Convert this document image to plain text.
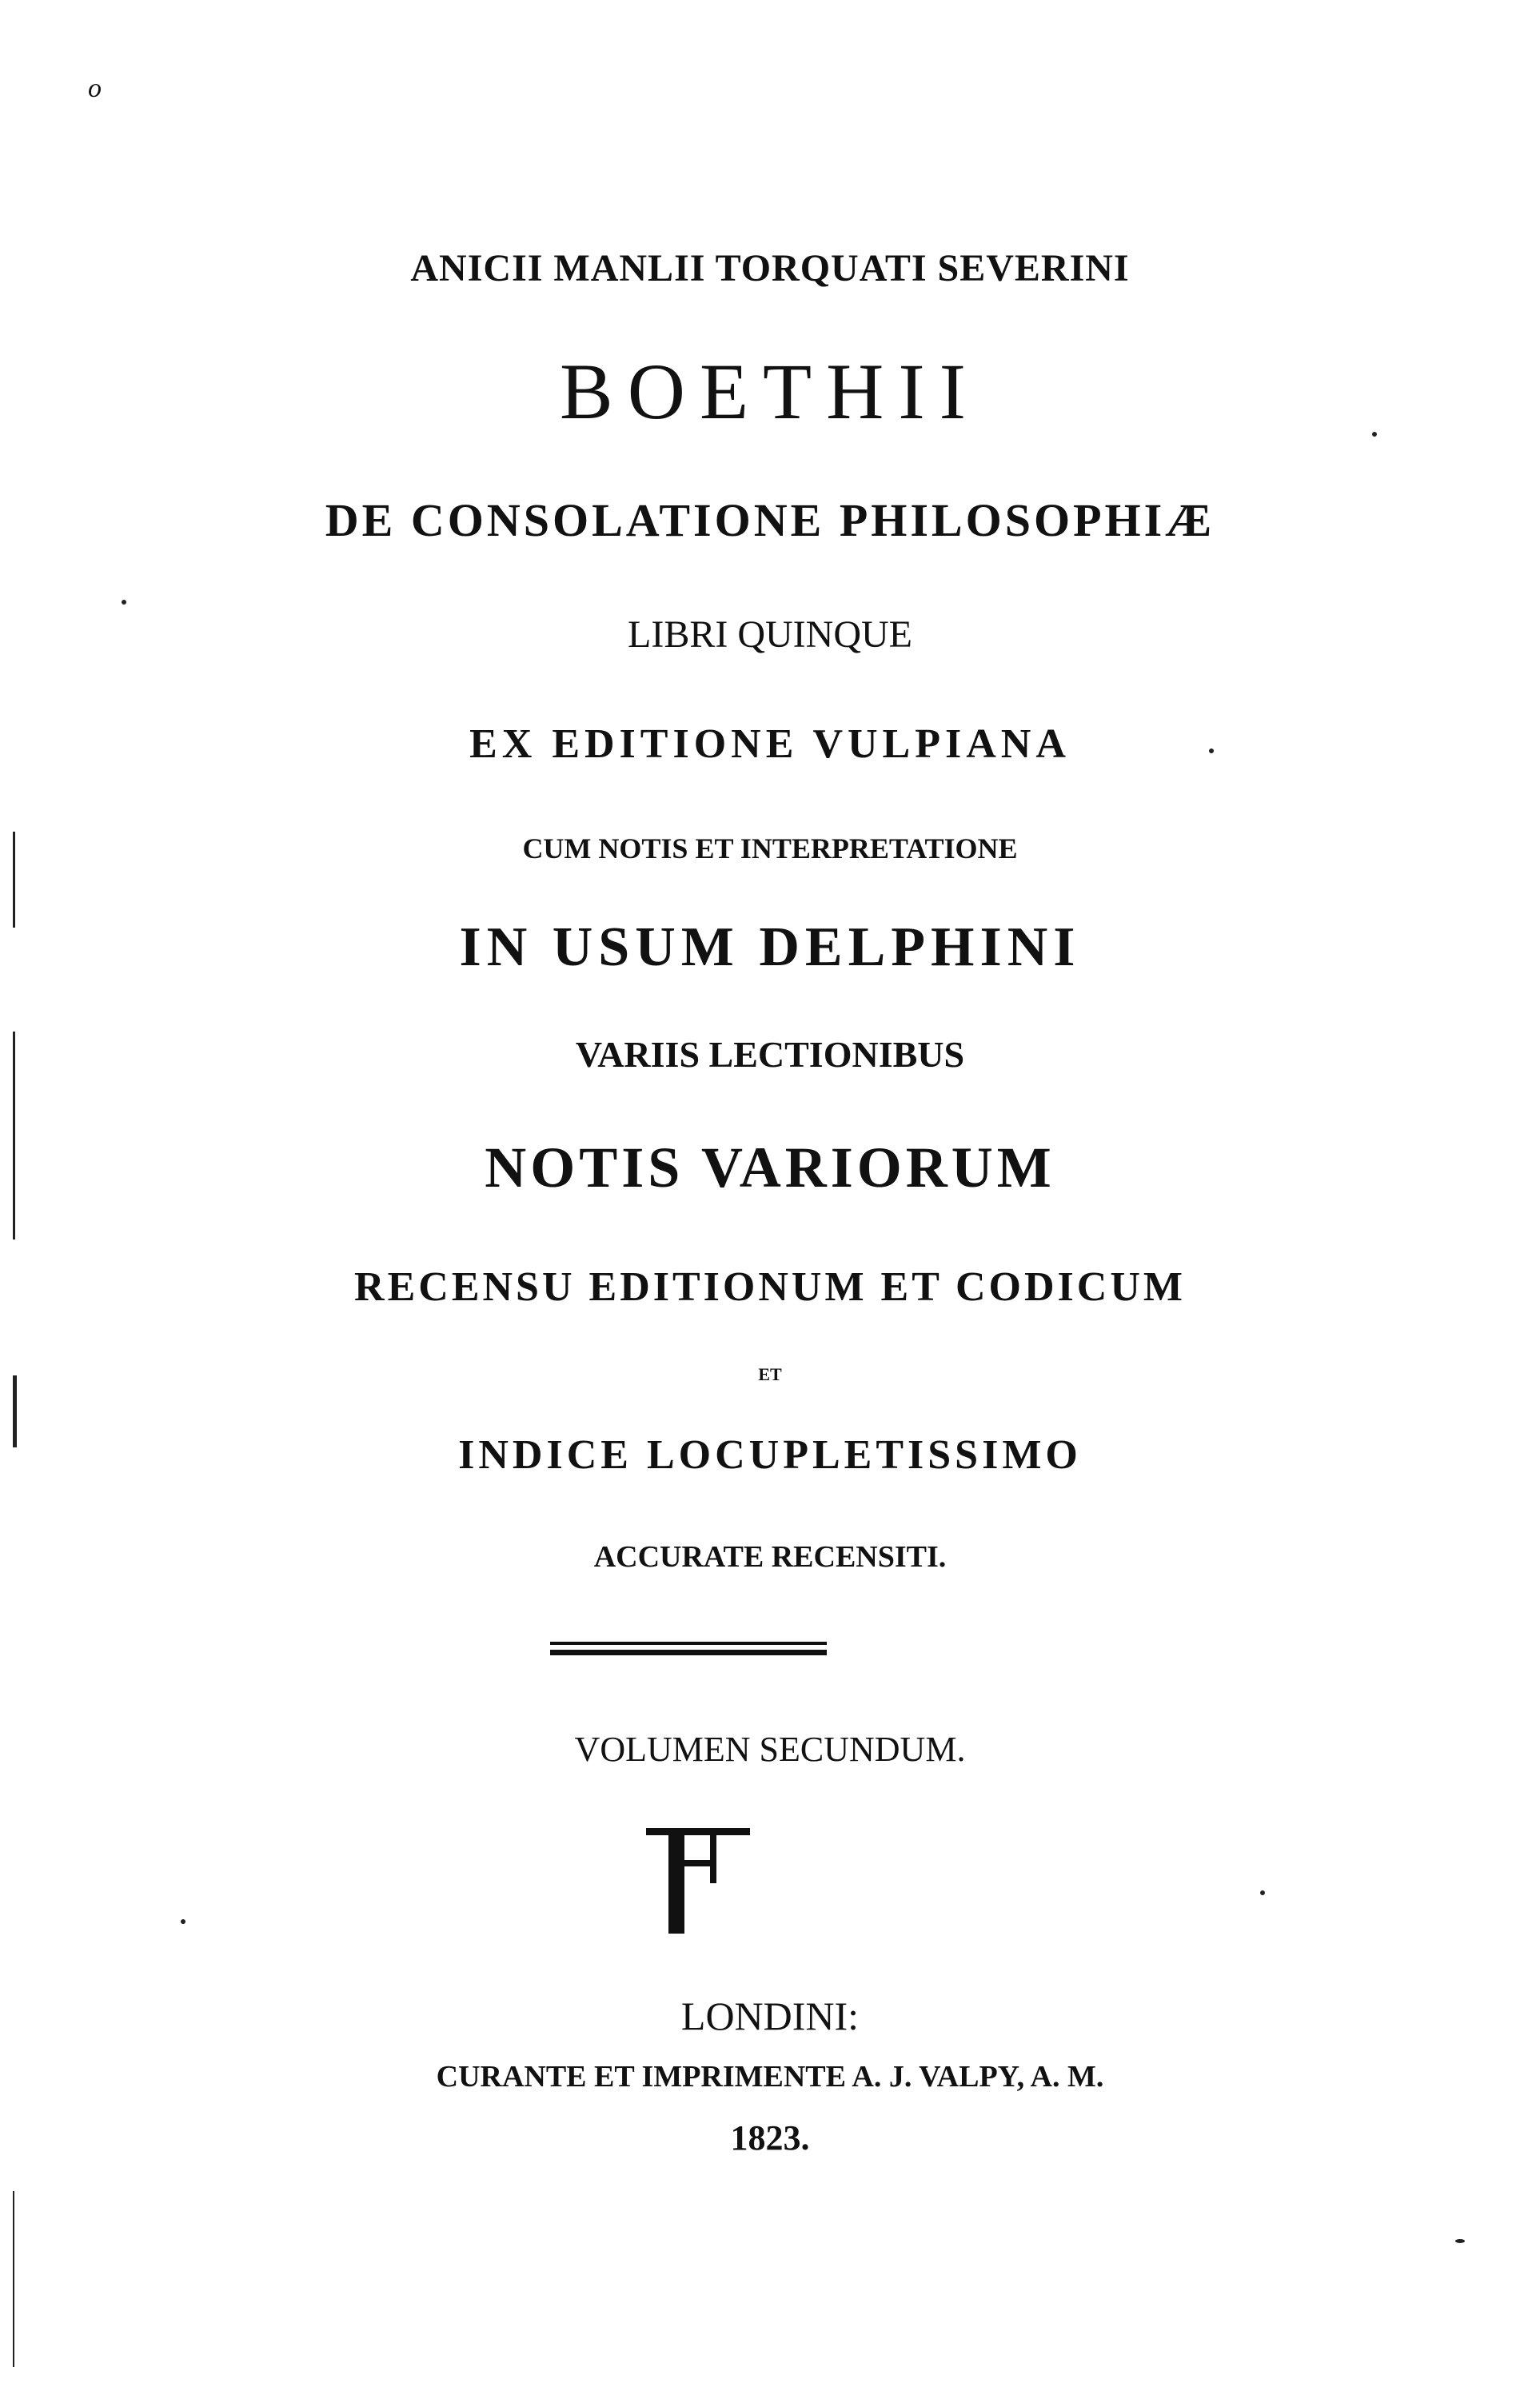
o
ANICII MANLII TORQUATI SEVERINI
BOETHII
DE CONSOLATIONE PHILOSOPHIÆ
LIBRI QUINQUE
EX EDITIONE VULPIANA
CUM NOTIS ET INTERPRETATIONE
IN USUM DELPHINI
VARIIS LECTIONIBUS
NOTIS VARIORUM
RECENSU EDITIONUM ET CODICUM
ET
INDICE LOCUPLETISSIMO
ACCURATE RECENSITI.
VOLUMEN SECUNDUM.
LONDINI:
CURANTE ET IMPRIMENTE A. J. VALPY, A. M.
1823.
